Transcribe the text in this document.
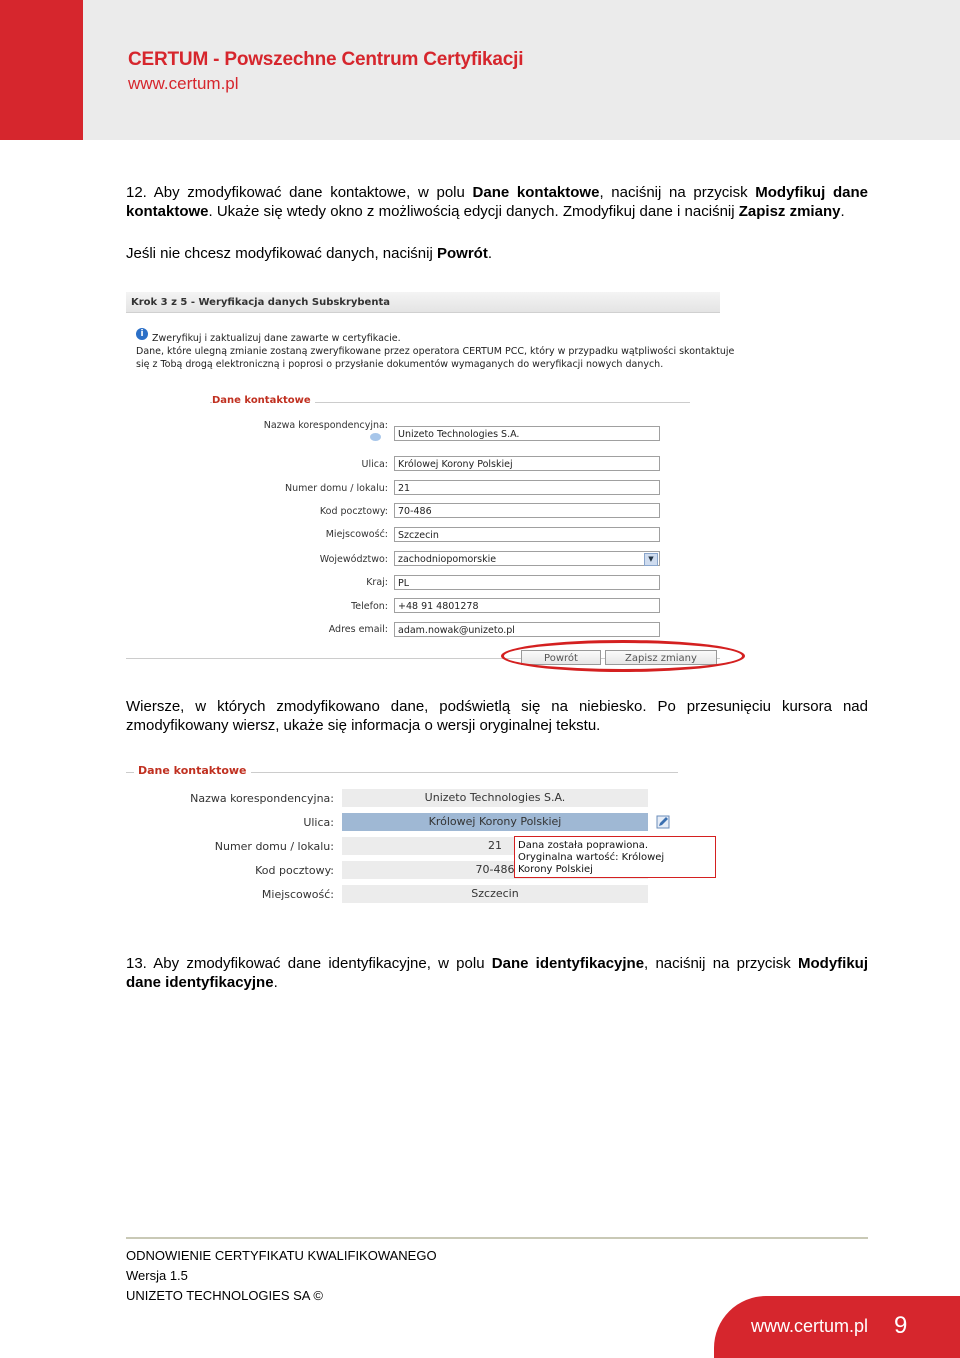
CERTUM - Powszechne Centrum Certyfikacji
www.certum.pl
12. Aby zmodyfikować dane kontaktowe, w polu Dane kontaktowe, naciśnij na przycisk Modyfikuj dane kontaktowe. Ukaże się wtedy okno z możliwością edycji danych. Zmodyfikuj dane i naciśnij Zapisz zmiany.
Jeśli nie chcesz modyfikować danych, naciśnij Powrót.
Krok 3 z 5 - Weryfikacja danych Subskrybenta
i Zweryfikuj i zaktualizuj dane zawarte w certyfikacie.
Dane, które ulegną zmianie zostaną zweryfikowane przez operatora CERTUM PCC, który w przypadku wątpliwości skontaktuje się z Tobą drogą elektroniczną i poprosi o przysłanie dokumentów wymaganych do weryfikacji nowych danych.
Dane kontaktowe
Nazwa korespondencyjna:

Unizeto Technologies S.A.
Ulica:	Królowej Korony Polskiej
Numer domu / lokalu:	21
Kod pocztowy:	70-486
Miejscowość:	Szczecin
Województwo:	zachodniopomorskie	▼
Kraj:	PL
Telefon:	+48 91 4801278
Adres email:	adam.nowak@unizeto.pl
Powrót	Zapisz zmiany
Wiersze, w których zmodyfikowano dane, podświetlą się na niebiesko. Po przesunięciu kursora nad zmodyfikowany wiersz, ukaże się informacja o wersji oryginalnej tekstu.
Dane kontaktowe
Nazwa korespondencyjna:	Unizeto Technologies S.A.
Ulica:	Królowej Korony Polskiej
Numer domu / lokalu:	21
Kod pocztowy:	70-486
Miejscowość:	Szczecin
Dana została poprawiona.
Oryginalna wartość: Królowej
Korony Polskiej
13. Aby zmodyfikować dane identyfikacyjne, w polu Dane identyfikacyjne, naciśnij na przycisk Modyfikuj dane identyfikacyjne.
ODNOWIENIE CERTYFIKATU KWALIFIKOWANEGO
Wersja 1.5
UNIZETO TECHNOLOGIES SA ©
www.certum.pl 9
